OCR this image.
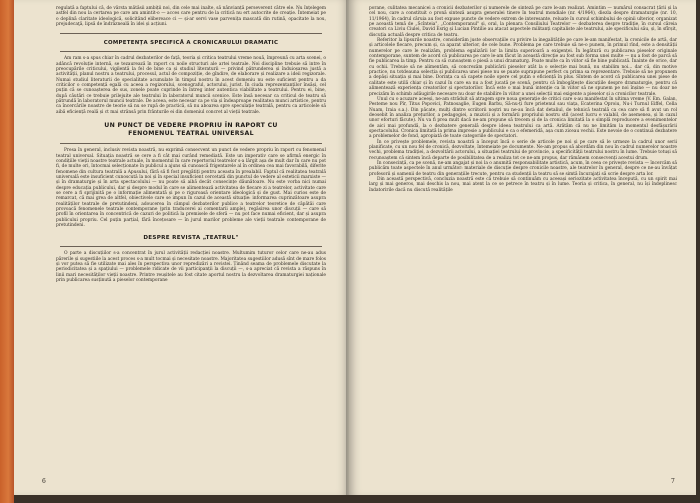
regulată a faptului că, de vârsta mătăsii ambiții noi, din cele mai inalte, să nănvianță perseverent către ele. Nu înțelegem astfel din nou la certarea pe care am amintit-o — acces care pentru de la critică nu ert autocrite de creație. Întemeiat pe o deplină claritate ideologică, solicitând elibereace ci — și-ar servi vase parvenița mascată din rutină, opacitate la nou, prejudecaţă, lipsă de îndrăzneală în idei și acțiuni.

COMPETENȚA SPECIFICĂ A CRONICARULUI DRAMATIC

Am ram s-a spus chiar în cadrul dezbaterilor de față, teoria și critica teatrului vreme nouă, împreună cu arta scenei, o adâncă revoluție internă, se tezaurează în raport cu noile structuri ale artei teatrale. Noi discipline trebuie să intre în preocupările criticului, vigilentă la fel de bine ca și studiul literaturii — privind pătrunderea și înduioșarea justă a activității, planul nostru a teatrului, procesul, actul de compoziție, de gîndire, de elaborare și realizare a ideii regizorale. Numai studiul literaturii de specialitate acumulate în timpul nostru în acest domeniu nu este suficient pentru a da criticilor o competență egală cu aceea a regizorului, scenograful, actorului, jurist. În ciuda reprezentanților însăși, cel puțin că se cunoașterea de sus, zonele poate cuprinde în întreg inter autentica viabilitate a teatrului. Pentru ei, bine, după căutări ce trebuie prilejuite ale teatrului în laboratorul muncii scenice. Este însă necesar ca criticul de teatru să pătrundă în laboratorul muncii teatrale. De aceea, este necesar ca pe via și îndeaproape realitatea munci artistice, pentru ca încercările noastre de teorie să nu se rupă de practică, să nu aboarea spre speculație teatrală, pentru ca articolele să aibă eficiență reală și ct mai strânsă prin frânturile ei din domeniul concret al vieții teatrale.

UN PUNCT DE VEDERE PROPRIU ÎN RAPORT CU FENOMENUL TEATRAL UNIVERSAL

Presa în general, inclusiv revista noastră, nu exprimă consecvent un punct de vedere propriu în raport cu fenomenul teatral universal. Situația noastră se cere a fi cât mai curând remediată. Este un imperativ care se afirmă energic în condițiile vieții noastre teatrale actuale, în momentul în care repertoriul teatrelor s-a lărgit așa de mult dar în care nu pot fi, de multe ori, întocmai selecționate în publicul a ajuns să cunoască frigentarele al în ordinea cea mai favorabilă, diferite fenomene din cultura teatrală a Apusului, fără să fi fost pregătiți pentru aceasta în prealabil. Faptul că realitatea teatrală universală este insuficient cunoscută la noi și în special insuficient cercetată din punctul de vedere al esteticii marxiste — și în dramaturgie și în arta spectacolului — nu poate să aibă decât consecințe dăunătoare. Nu este vorba nici numai despre educația publicului, dar și despre modul în care se alimentează activitatea de fiecare zi a teatrelor, activitate care se cere a fi sprijinită pe o informație alimentată și pe o riguroasă orientare ideologică și de gust. Mai curios este de remarcat, că mai grea de altfel, obiectivele care se impun în cazul de această situație: informarea cuprinzătoare asupra realităților teatrale de pretutindeni, adoucerea în câmpul dezbaterilor publice a teatrelor teoretice de căpătâi care provoacă fenomenele teatrale contemporane (prin traducerei ai comentarii ample), regăsirea unor discuții — care să profil în orientarea în concentrică de cazuri de politică la premisele de sferă — nu pot face numai eficient, dar și asupra publicului propriu. Cel puțin parțial, fără încețosare — în jurul marilor probleme ale vieții teatrale contemporane de pretutindeni.

DESPRE REVISTA „TEATRUL"

O parte a discuțiilor s-a concentrat în jurul activității redacției noastre. Multumim tuturor celor care ne-au adus părerile și sugestiile la acest proces s-a mult tocmai și necesitate noastre. Majoritatea sugestiilor adusă sînt de mare folos și vor putea să fie utilizate mai ales în perspectiva unor repredizări a revistei. Ținând seama de problemele discutate la periodicitatea și a spațiului — problemele ridicate de vii participanții la discuții —, s-a apreciat că revista a răspuns în linii mari necesităților vieții noastre. Printre reușitele au fost citate aportul nostru la dezvoltarea dramaturgiei naționale prin publicarea susținută a pieselor contemporane

6

porane, culitatea mecanicei a cronicii dezbaterilor și numerele de sinteză pe care le-am realizat. Amintim — numărul consacrat țării și la cel nou, care a constituit o pronă sinteză asupra generalei tinere în teatrul mondiale (nr. 4/1964), diezla despre dramaturgie (nr. 10, 11/1964), în cadrul căruia au fost expuse puncte de vedere extrem de interesante, reluate în cursul schimbului de opinii ulterior, organizat pe această temă de „Scînteia", „Contemporanul" și, oral, la plenara Consiliului Teatrelor — dezbaterea despre tradiție, în cursul căreia creatori ca Liviu Ciulei, David Esrig și Lucian Pintilie au atacat aspectele militanți capitaliste ale teatrului, ale specificului său, și, în sfîrșit, discuția actuală despre critica de teatru.

Referitor la lipsurile noastre, considerăm juste observațiile cu privire la inegalitățile pe care le-am manifestat, la cronicile de artă, dar și articolele fiecare, precum și, ca aparat ulterior, de cele bune. Problema pe care trebuie să ne-o punem, în primul rînd, este a densității numerelor pe care le realizăm, problema egalizării lor la limita superioară a exigenței. În legătură cu publicarea pieselor originale contemporane, suntem de acord că publicarea pe care le-am făcut în această direcție au fost sub forma unei multe — nu a fost de parcă să fie publicarea la timp. Pentru ca să cunoaștem o piesă a unui dramaturg. Poate multe ca în viitor să fie bine publicată. Înainte de orice, dar cu ochii. Trebuie să ne alimentăm, să concrezăm publicării pieselor atât la o selecție mai bună, nu stabilim noi... dar că, din motive practice, nu totdeauna selecția și publicarea unei piese nu se puate suprapune perfect cu prima sa reprezentare. Trebuie să ne propunem a depăși situația și mai bine. Dorința ca să capete noile opere cel puțin o eficiență în plus. Sîntem de acord că publicarea unei piese de calitate este utilă chiar și în cazul în care ea nu a fost jucată pe scenă, pentru că îmbogățește discuțiile despre dramaturgie, pentru că alimentează experiența creatorilor și spectatorilor. Încă este o mai bună intenție ca în viitor să ne spunem pe noi înșine — nu doar ne precizăm în schimb adăugirile necesare nu doar de stabilire în viitor a unei selecții mai exigente a pieselor și a cronicilor teatrale.

Unul cu o acuzare aceeși, ne-am străduit să atragem spre noua generație de critici care s-au manifestat în ultima vreme (V. Em. Galan, Pesteme nou Pîr, Titus Popovici, Patnosaglie, Eugen Barbu, Să-nu-ți fure prietenul sau viața, Ecaterina Oproiu, Nu-i Turnul Eiffel, Cella Nuam, Iraia s.a.). Din păcate, mulți dintre scriitorii noștri nu ne-au încă dat detaliul, de tehnică teatrală ca cea care să fi avut un rol deosebit în analiza prețurilor, a pedagogiei, a muzicii și a formării propriului nostru stil (acest lucru e valabil, de asemenea, și în cazul unor eforturi făcute). Nu va fi prea mult dacă ne-am propune să trecem și de la cronica limitată la o simplă reproducere a evenimentelor de aici mai profundă, la o dezbatere generală despre ideea teatrului ca artă. Arătăm că nu ne limităm la momentul desfășurării spectacolului. Cronica limitată la prima impresie a publicului e ca o efemeridă, așa cum ziceau vechii. Este nevoie de o continuă dezbatere a problemelor de fond, apropiată de toate categoriile de spectatori.

În ce privește problemele, revista noastră a început încă o serie de articole pe noi și pe care să le urmeze la cadrul unor serii planificate, cu un nou fel de cronică, dezvoltate, întemeiate pe documente. Ne-am propus să abordăm din nou în cadrul numerelor noastre vechi, problema tradiției, a dezvoltării actorului, a situației teatrului de provincie, a specificității teatrului nostru în lume. Trebuie totuși să recunoaștem că sintem încă departe de posibilitatea de a realiza tot ce ne-am propus, dar rămânem consecvenți acestui drum.

În consecință, ca pe scenă, ne-am angajat și noi la o anumită responsabilitate artistică, acum, în ceea ce privește revista — încercăm să publicăm toate aspectele în anul următor: materiale de discuție despre cronicile noastre, ale teatrelor în general, despre ce ne-au învățat profesorii și oamenii de teatru din generațiile trecute, pentru ca studenții la teatru să se simtă încurajați să scrie despre arta lor.

Din această perspectivă, concluzia noastră este că trebuie să continuăm cu aceeași seriozitate activitatea începută, cu un spirit mai larg și mai generos, mai deschis la nou, mai atent la ce se petrece în teatru și în lume. Teoria și critica, în general, nu își îndeplinesc îndatoririle dacă nu discută realitățile

7
